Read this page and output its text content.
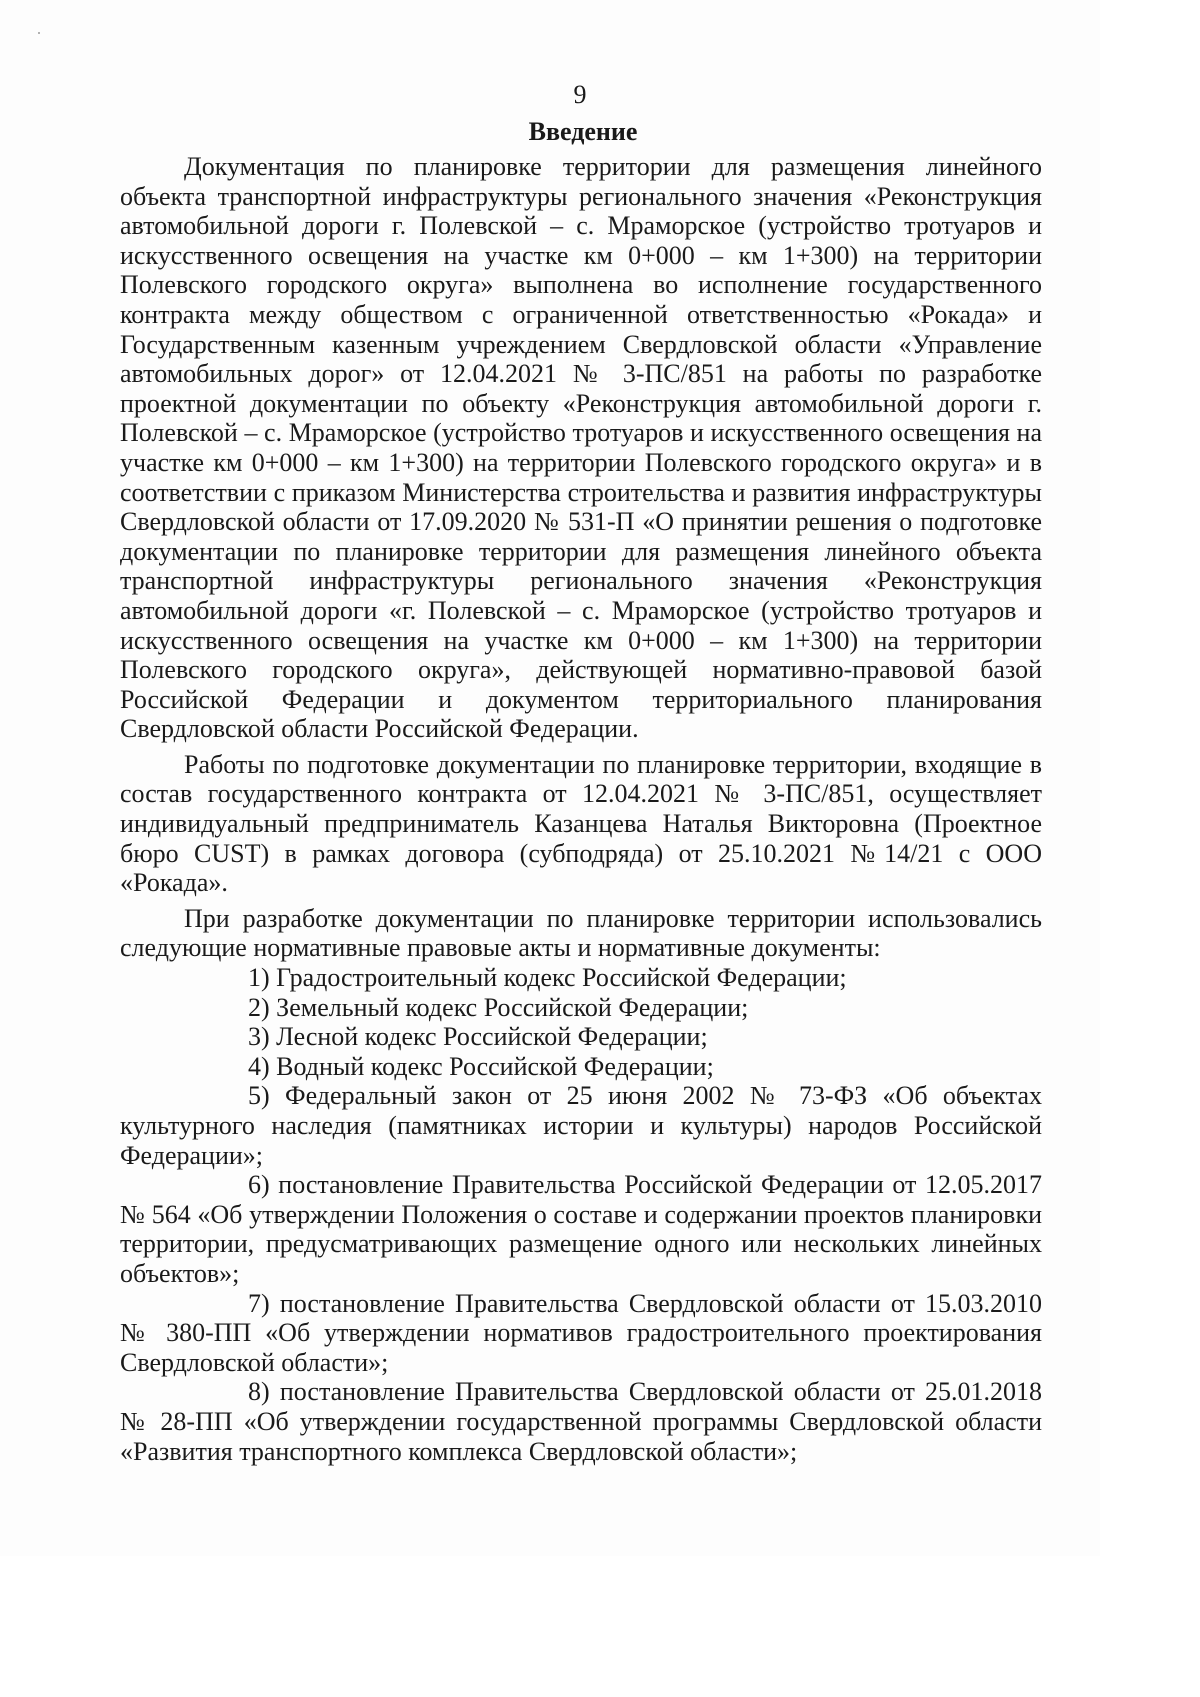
9
Введение

Документация по планировке территории для размещения линейного объекта транспортной инфраструктуры регионального значения «Реконструкция автомобильной дороги г. Полевской – с. Мраморское (устройство тротуаров и искусственного освещения на участке км 0+000 – км 1+300) на территории Полевского городского округа» выполнена во исполнение государственного контракта между обществом с ограниченной ответственностью «Рокада» и Государственным казенным учреждением Свердловской области «Управление автомобильных дорог» от 12.04.2021 № 3-ПС/851 на работы по разработке проектной документации по объекту «Реконструкция автомобильной дороги г. Полевской – с. Мраморское (устройство тротуаров и искусственного освещения на участке км 0+000 – км 1+300) на территории Полевского городского округа» и в соответствии с приказом Министерства строительства и развития инфраструктуры Свердловской области от 17.09.2020 № 531-П «О принятии решения о подготовке документации по планировке территории для размещения линейного объекта транспортной инфраструктуры регионального значения «Реконструкция автомобильной дороги «г. Полевской – с. Мраморское (устройство тротуаров и искусственного освещения на участке км 0+000 – км 1+300) на территории Полевского городского округа», действующей нормативно-правовой базой Российской Федерации и документом территориального планирования Свердловской области Российской Федерации.

Работы по подготовке документации по планировке территории, входящие в состав государственного контракта от 12.04.2021 № 3-ПС/851, осуществляет индивидуальный предприниматель Казанцева Наталья Викторовна (Проектное бюро CUST) в рамках договора (субподряда) от 25.10.2021 №14/21 с ООО «Рокада».

При разработке документации по планировке территории использовались следующие нормативные правовые акты и нормативные документы:

1) Градостроительный кодекс Российской Федерации;
2) Земельный кодекс Российской Федерации;
3) Лесной кодекс Российской Федерации;
4) Водный кодекс Российской Федерации;
5) Федеральный закон от 25 июня 2002 № 73-ФЗ «Об объектах культурного наследия (памятниках истории и культуры) народов Российской Федерации»;
6) постановление Правительства Российской Федерации от 12.05.2017 № 564 «Об утверждении Положения о составе и содержании проектов планировки территории, предусматривающих размещение одного или нескольких линейных объектов»;
7) постановление Правительства Свердловской области от 15.03.2010 № 380-ПП «Об утверждении нормативов градостроительного проектирования Свердловской области»;
8) постановление Правительства Свердловской области от 25.01.2018 № 28-ПП «Об утверждении государственной программы Свердловской области «Развития транспортного комплекса Свердловской области»;
